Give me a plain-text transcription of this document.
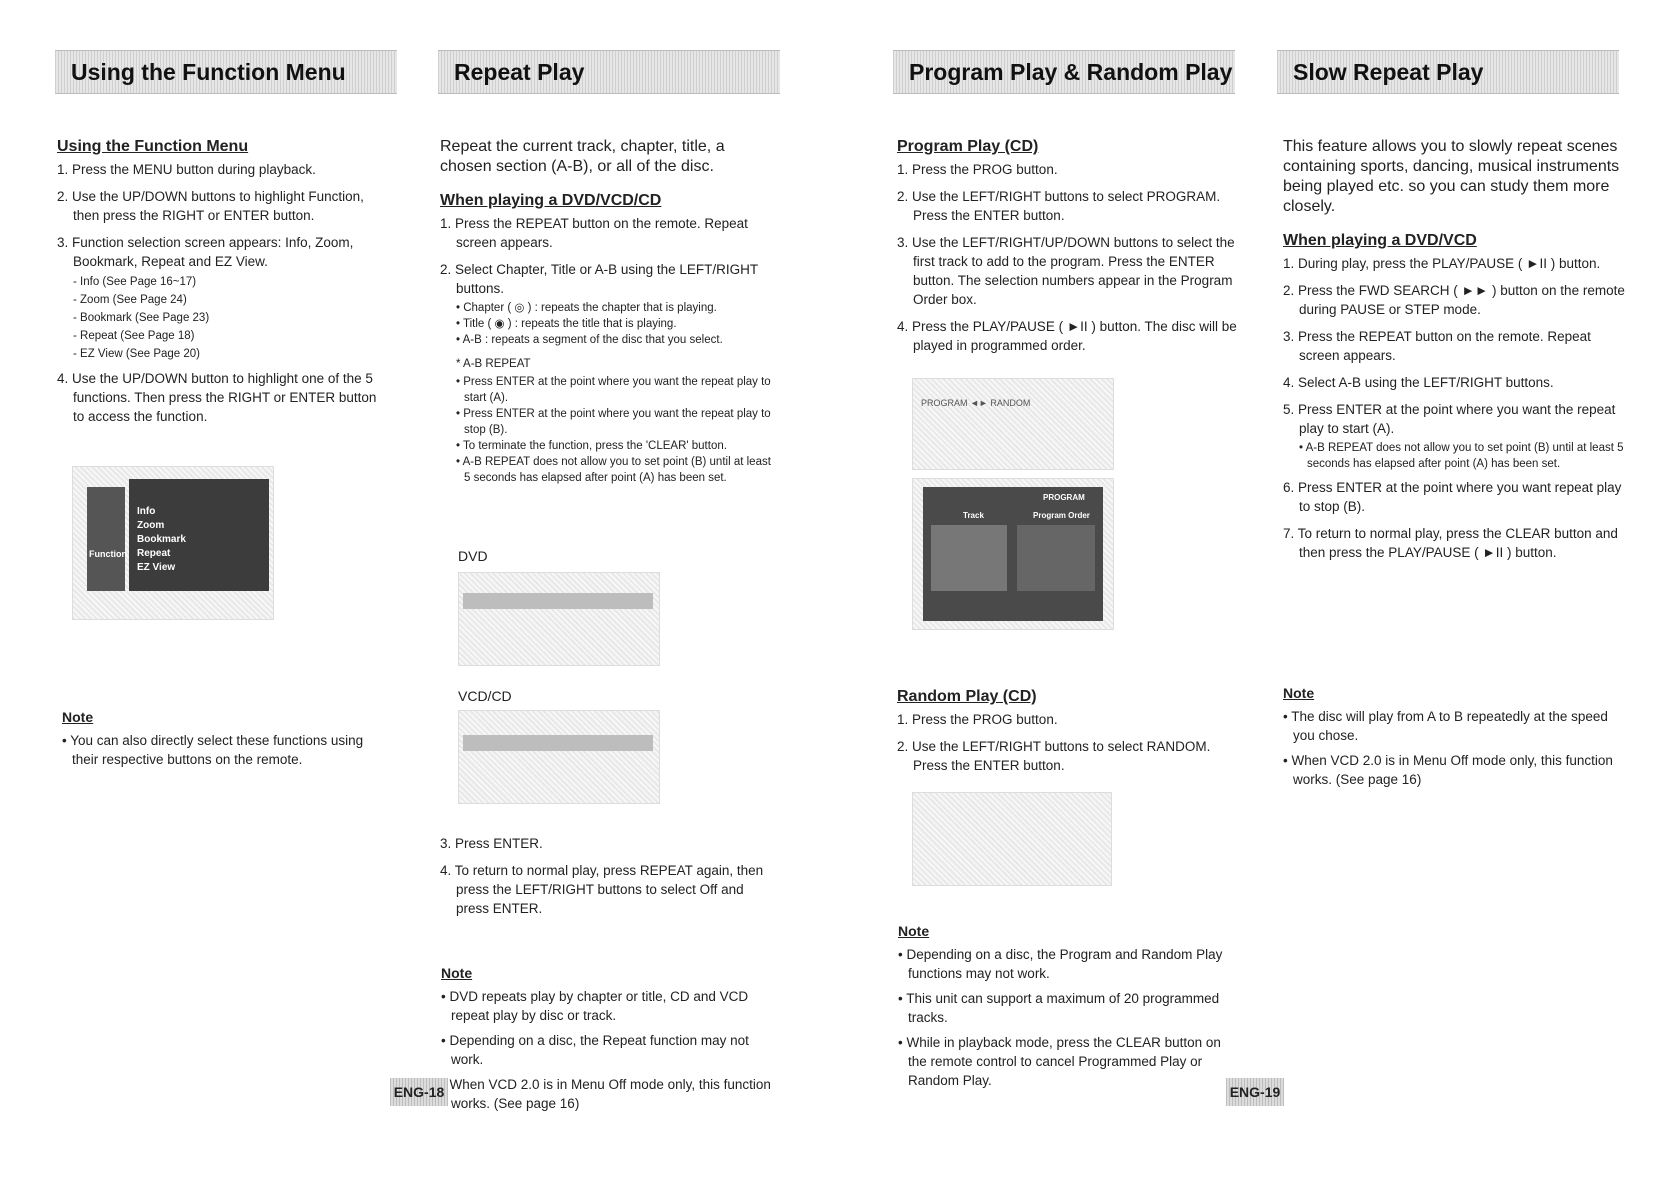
Using the Function Menu	Repeat Play	Program Play & Random Play	Slow Repeat Play
Using the Function Menu
1. Press the MENU button during playback.
2. Use the UP/DOWN buttons to highlight Function, then press the RIGHT or ENTER button.
3. Function selection screen appears: Info, Zoom, Bookmark, Repeat and EZ View.
- Info (See Page 16~17)
- Zoom (See Page 24)
- Bookmark (See Page 23)
- Repeat (See Page 18)
- EZ View (See Page 20)
4. Use the UP/DOWN button to highlight one of the 5 functions. Then press the RIGHT or ENTER button to access the function.
Function
Info
Zoom
Bookmark
Repeat
EZ View
Note
• You can also directly select these functions using their respective buttons on the remote.
Repeat the current track, chapter, title, a chosen section (A-B), or all of the disc.
When playing a DVD/VCD/CD
1. Press the REPEAT button on the remote. Repeat screen appears.
2. Select Chapter, Title or A-B using the LEFT/RIGHT buttons.
• Chapter ( ◎ ) : repeats the chapter that is playing.
• Title ( ◉ ) : repeats the title that is playing.
• A-B : repeats a segment of the disc that you select.
* A-B REPEAT
• Press ENTER at the point where you want the repeat play to start (A).
• Press ENTER at the point where you want the repeat play to stop (B).
• To terminate the function, press the 'CLEAR' button.
• A-B REPEAT does not allow you to set point (B) until at least 5 seconds has elapsed after point (A) has been set.
DVD
VCD/CD
3. Press ENTER.
4. To return to normal play, press REPEAT again, then press the LEFT/RIGHT buttons to select Off and press ENTER.
Note
• DVD repeats play by chapter or title, CD and VCD repeat play by disc or track.
• Depending on a disc, the Repeat function may not work.
• When VCD 2.0 is in Menu Off mode only, this function works. (See page 16)
Program Play (CD)
1. Press the PROG button.
2. Use the LEFT/RIGHT buttons to select PROGRAM. Press the ENTER button.
3. Use the LEFT/RIGHT/UP/DOWN buttons to select the first track to add to the program. Press the ENTER button. The selection numbers appear in the Program Order box.
4. Press the PLAY/PAUSE ( ►II ) button. The disc will be played in programmed order.
PROGRAM ◄► RANDOM
PROGRAM
Track	Program Order
Random Play (CD)
1. Press the PROG button.
2. Use the LEFT/RIGHT buttons to select RANDOM. Press the ENTER button.
Note
• Depending on a disc, the Program and Random Play functions may not work.
• This unit can support a maximum of 20 programmed tracks.
• While in playback mode, press the CLEAR button on the remote control to cancel Programmed Play or Random Play.
This feature allows you to slowly repeat scenes containing sports, dancing, musical instruments being played etc. so you can study them more closely.
When playing a DVD/VCD
1. During play, press the PLAY/PAUSE ( ►II ) button.
2. Press the FWD SEARCH ( ►► ) button on the remote during PAUSE or STEP mode.
3. Press the REPEAT button on the remote. Repeat screen appears.
4. Select A-B using the LEFT/RIGHT buttons.
5. Press ENTER at the point where you want the repeat play to start (A).
• A-B REPEAT does not allow you to set point (B) until at least 5 seconds has elapsed after point (A) has been set.
6. Press ENTER at the point where you want repeat play to stop (B).
7. To return to normal play, press the CLEAR button and then press the PLAY/PAUSE ( ►II ) button.
Note
• The disc will play from A to B repeatedly at the speed you chose.
• When VCD 2.0 is in Menu Off mode only, this function works. (See page 16)
ENG-18	ENG-19
